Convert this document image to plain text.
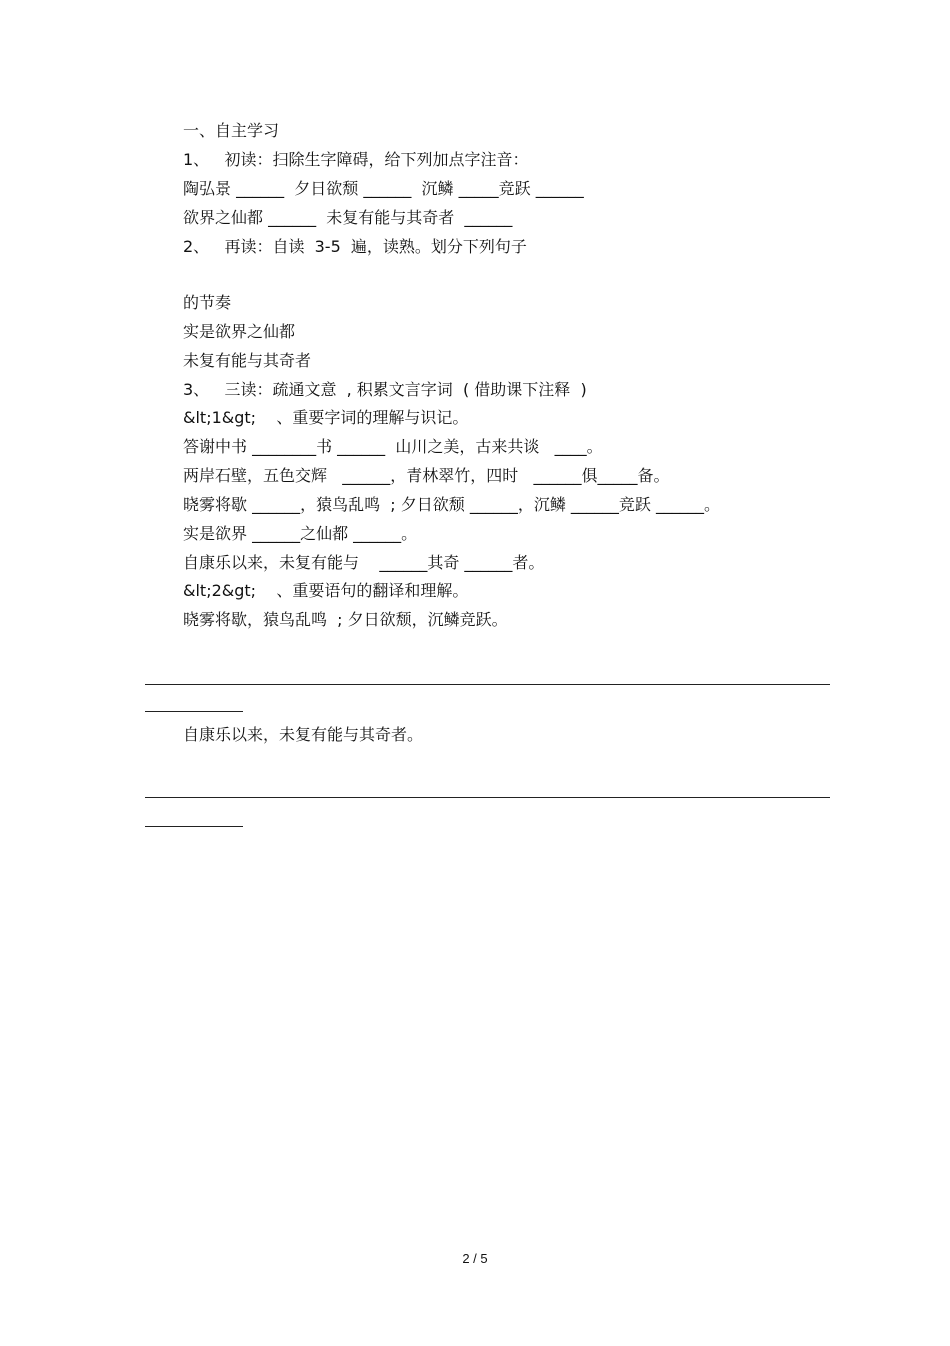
一、自主学习
1、   初读：扫除生字障碍，给下列加点字注音：
陶弘景 ______  夕日欲颓 ______  沉鳞 _____竞跃 ______
欲界之仙都 ______  未复有能与其奇者  ______
2、   再读：自读  3-5  遍，读熟。划分下列句子
的节奏
实是欲界之仙都
未复有能与其奇者
3、   三读：疏通文意  , 积累文言字词  ( 借助课下注释  )
&lt;1&gt;    、重要字词的理解与识记。
答谢中书 ________书 ______  山川之美，古来共谈   ____。
两岸石壁，五色交辉   ______，青林翠竹，四时   ______俱_____备。
晓雾将歇 ______，猿鸟乱鸣  ; 夕日欲颓 ______，沉鳞 ______竞跃 ______。
实是欲界 ______之仙都 ______。
自康乐以来，未复有能与    ______其奇 ______者。
&lt;2&gt;    、重要语句的翻译和理解。
晓雾将歇，猿鸟乱鸣  ; 夕日欲颓，沉鳞竞跃。
自康乐以来，未复有能与其奇者。
2 / 5
